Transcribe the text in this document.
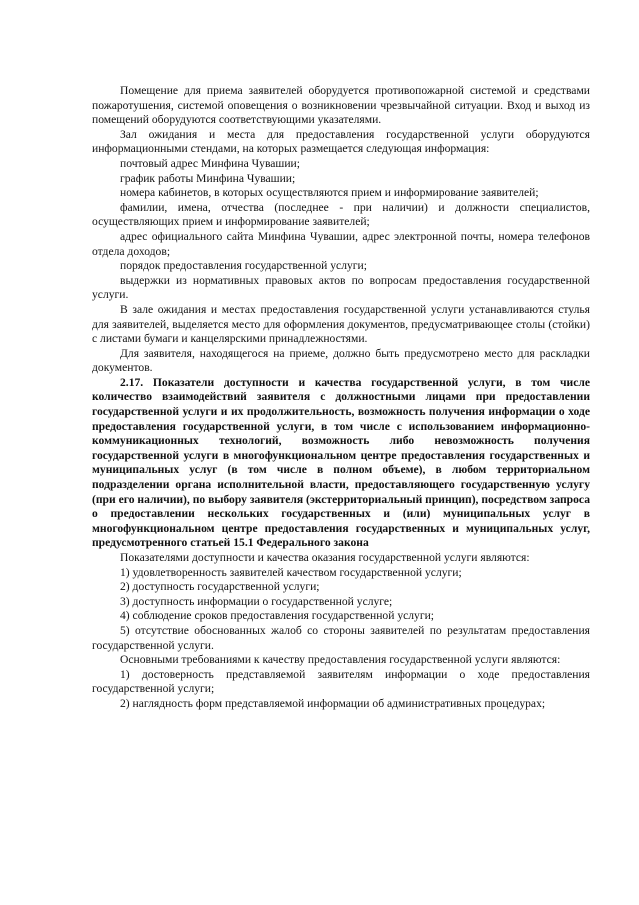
Помещение для приема заявителей оборудуется противопожарной системой и средствами пожаротушения, системой оповещения о возникновении чрезвычайной ситуации. Вход и выход из помещений оборудуются соответствующими указателями.

Зал ожидания и места для предоставления государственной услуги оборудуются информационными стендами, на которых размещается следующая информация:

почтовый адрес Минфина Чувашии;

график работы Минфина Чувашии;

номера кабинетов, в которых осуществляются прием и информирование заявителей;

фамилии, имена, отчества (последнее - при наличии) и должности специалистов, осуществляющих прием и информирование заявителей;

адрес официального сайта Минфина Чувашии, адрес электронной почты, номера телефонов отдела доходов;

порядок предоставления государственной услуги;

выдержки из нормативных правовых актов по вопросам предоставления государственной услуги.

В зале ожидания и местах предоставления государственной услуги устанавливаются стулья для заявителей, выделяется место для оформления документов, предусматривающее столы (стойки) с листами бумаги и канцелярскими принадлежностями.

Для заявителя, находящегося на приеме, должно быть предусмотрено место для раскладки документов.

2.17. Показатели доступности и качества государственной услуги, в том числе количество взаимодействий заявителя с должностными лицами при предоставлении государственной услуги и их продолжительность, возможность получения информации о ходе предоставления государственной услуги, в том числе с использованием информационно-коммуникационных технологий, возможность либо невозможность получения государственной услуги в многофункциональном центре предоставления государственных и муниципальных услуг (в том числе в полном объеме), в любом территориальном подразделении органа исполнительной власти, предоставляющего государственную услугу (при его наличии), по выбору заявителя (экстерриториальный принцип), посредством запроса о предоставлении нескольких государственных и (или) муниципальных услуг в многофункциональном центре предоставления государственных и муниципальных услуг, предусмотренного статьей 15.1 Федерального закона

Показателями доступности и качества оказания государственной услуги являются:

1) удовлетворенность заявителей качеством государственной услуги;

2) доступность государственной услуги;

3) доступность информации о государственной услуге;

4) соблюдение сроков предоставления государственной услуги;

5) отсутствие обоснованных жалоб со стороны заявителей по результатам предоставления государственной услуги.

Основными требованиями к качеству предоставления государственной услуги являются:

1) достоверность представляемой заявителям информации о ходе предоставления государственной услуги;

2) наглядность форм представляемой информации об административных процедурах;
